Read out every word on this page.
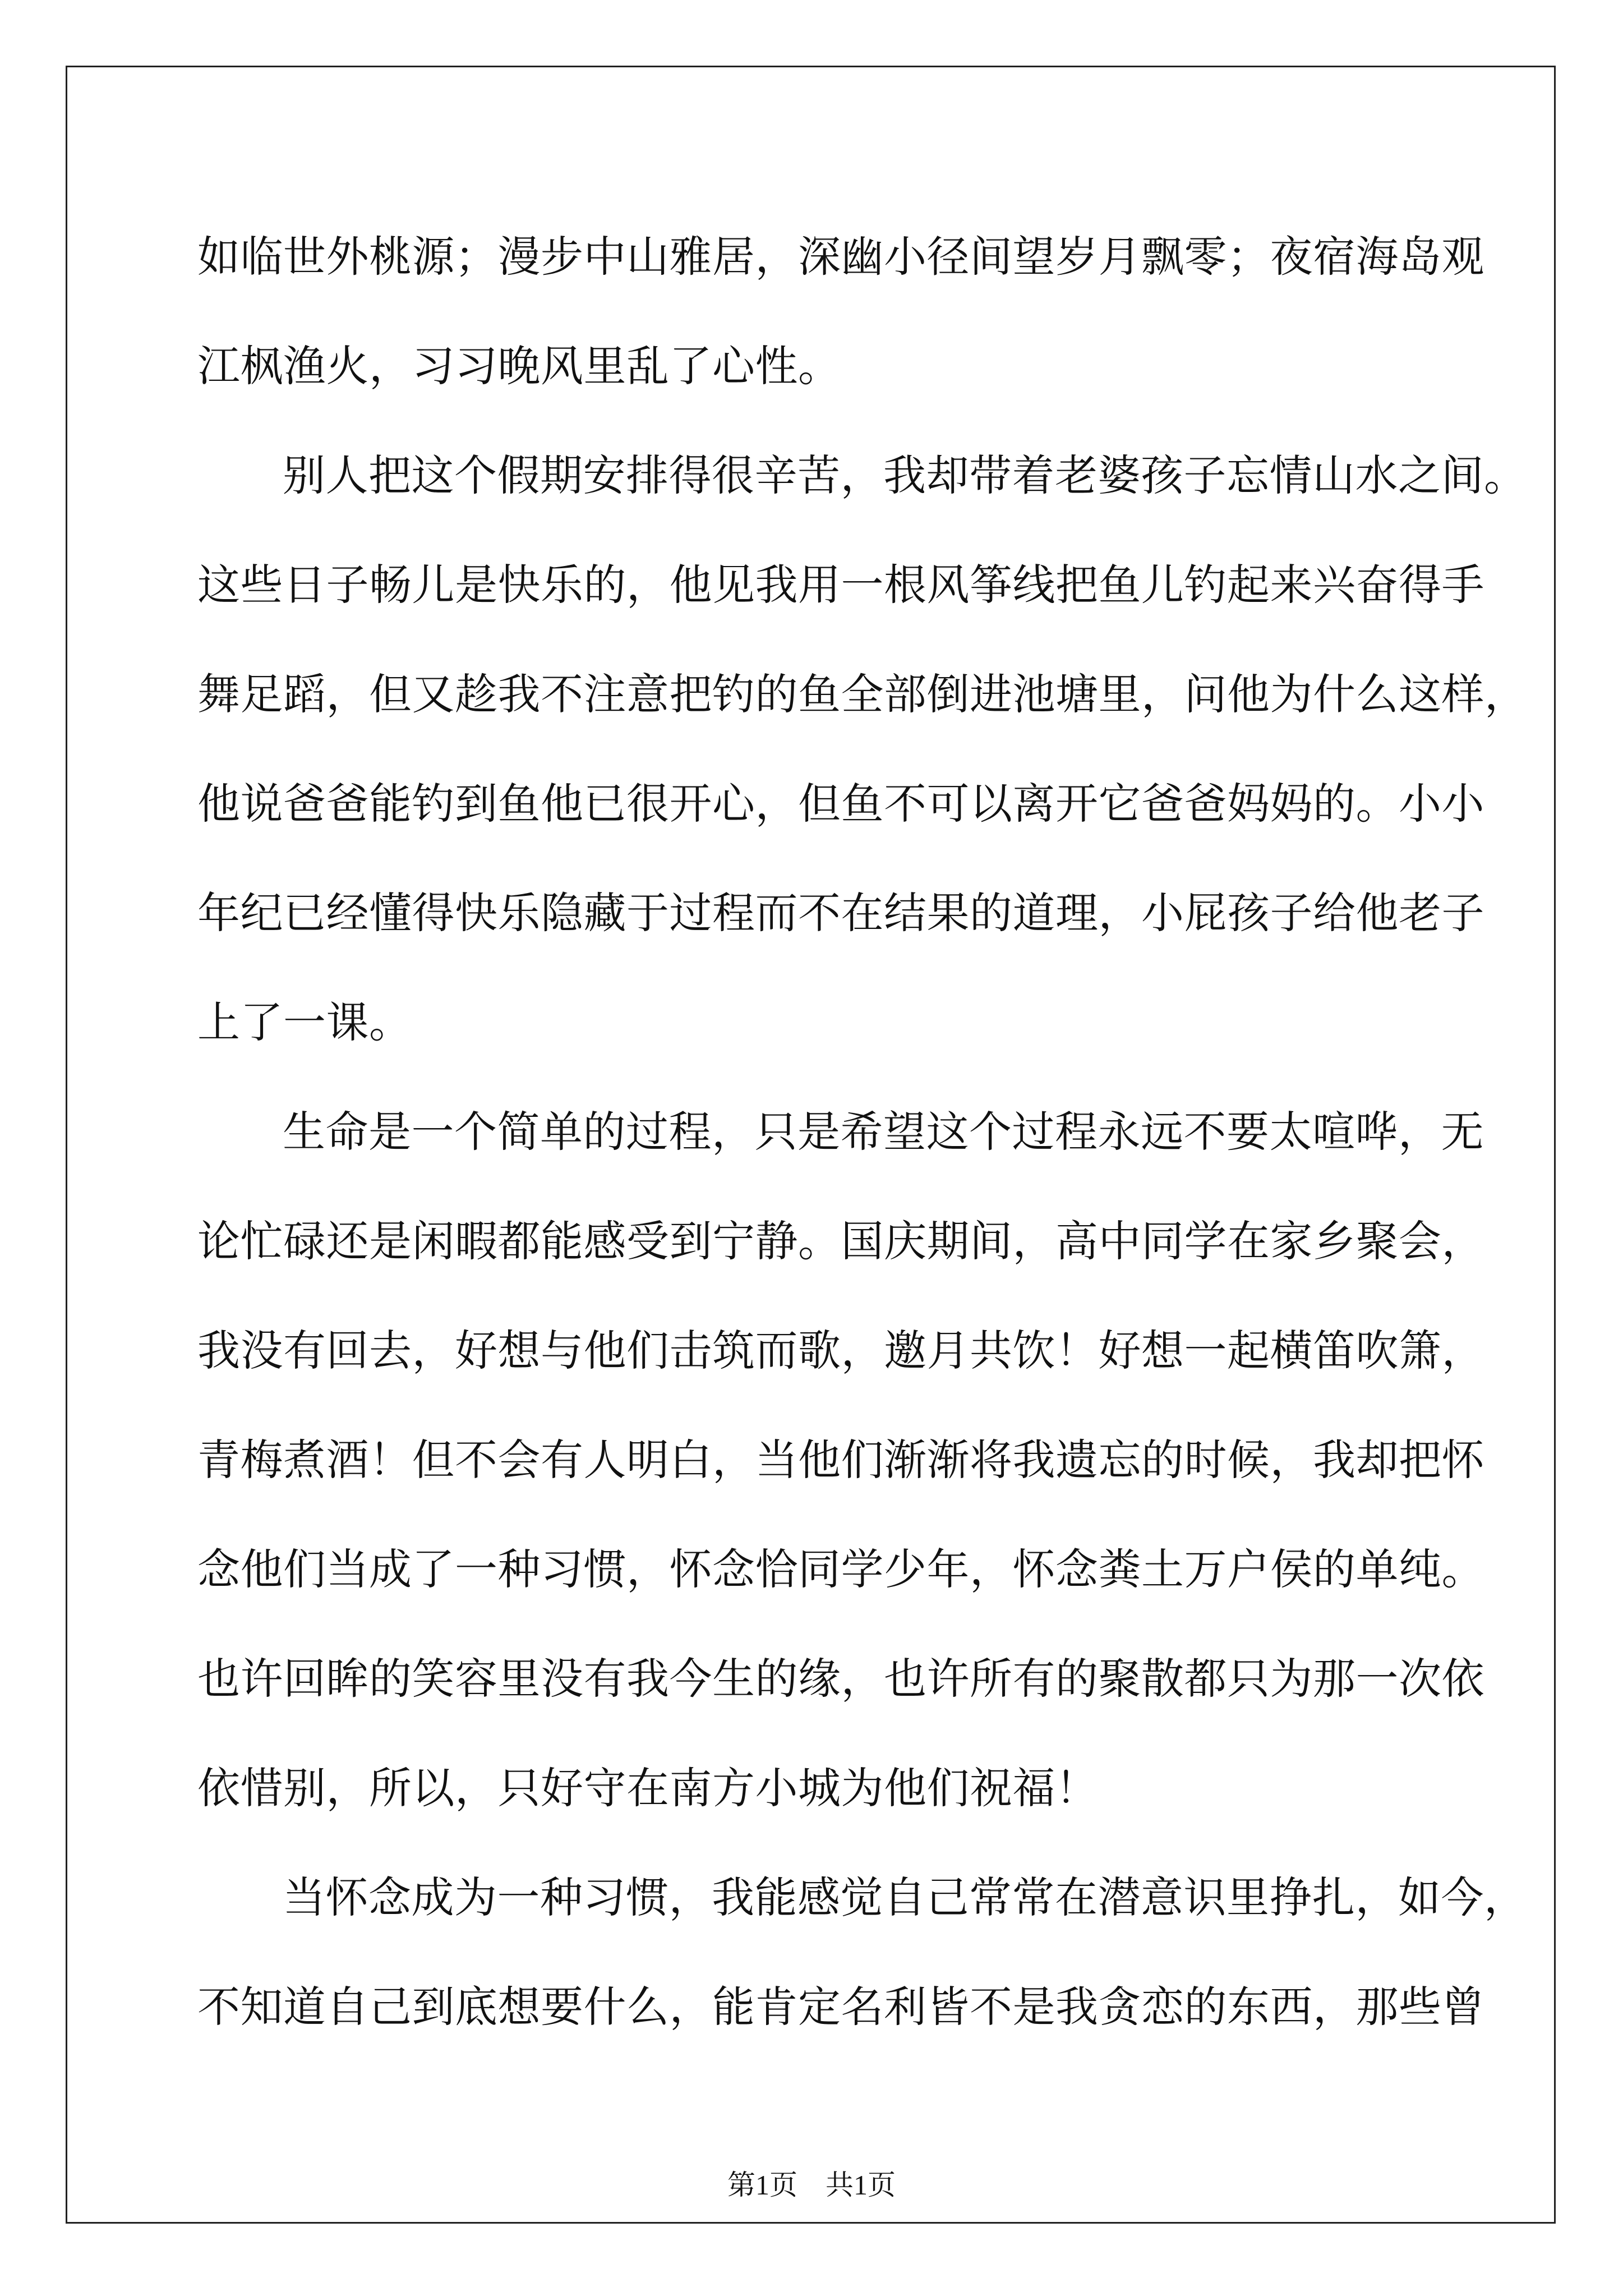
如临世外桃源；漫步中山雅居，深幽小径间望岁月飘零；夜宿海岛观
江枫渔火，习习晚风里乱了心性。
别人把这个假期安排得很辛苦，我却带着老婆孩子忘情山水之间。
这些日子畅儿是快乐的，他见我用一根风筝线把鱼儿钓起来兴奋得手
舞足蹈，但又趁我不注意把钓的鱼全部倒进池塘里，问他为什么这样，
他说爸爸能钓到鱼他已很开心，但鱼不可以离开它爸爸妈妈的。小小
年纪已经懂得快乐隐藏于过程而不在结果的道理，小屁孩子给他老子
上了一课。
生命是一个简单的过程，只是希望这个过程永远不要太喧哗，无
论忙碌还是闲暇都能感受到宁静。国庆期间，高中同学在家乡聚会，
我没有回去，好想与他们击筑而歌，邀月共饮！好想一起横笛吹箫，
青梅煮酒！但不会有人明白，当他们渐渐将我遗忘的时候，我却把怀
念他们当成了一种习惯，怀念恰同学少年，怀念粪土万户侯的单纯。
也许回眸的笑容里没有我今生的缘，也许所有的聚散都只为那一次依
依惜别，所以，只好守在南方小城为他们祝福！
当怀念成为一种习惯，我能感觉自己常常在潜意识里挣扎，如今，
不知道自己到底想要什么，能肯定名利皆不是我贪恋的东西，那些曾
第1页 共1页
